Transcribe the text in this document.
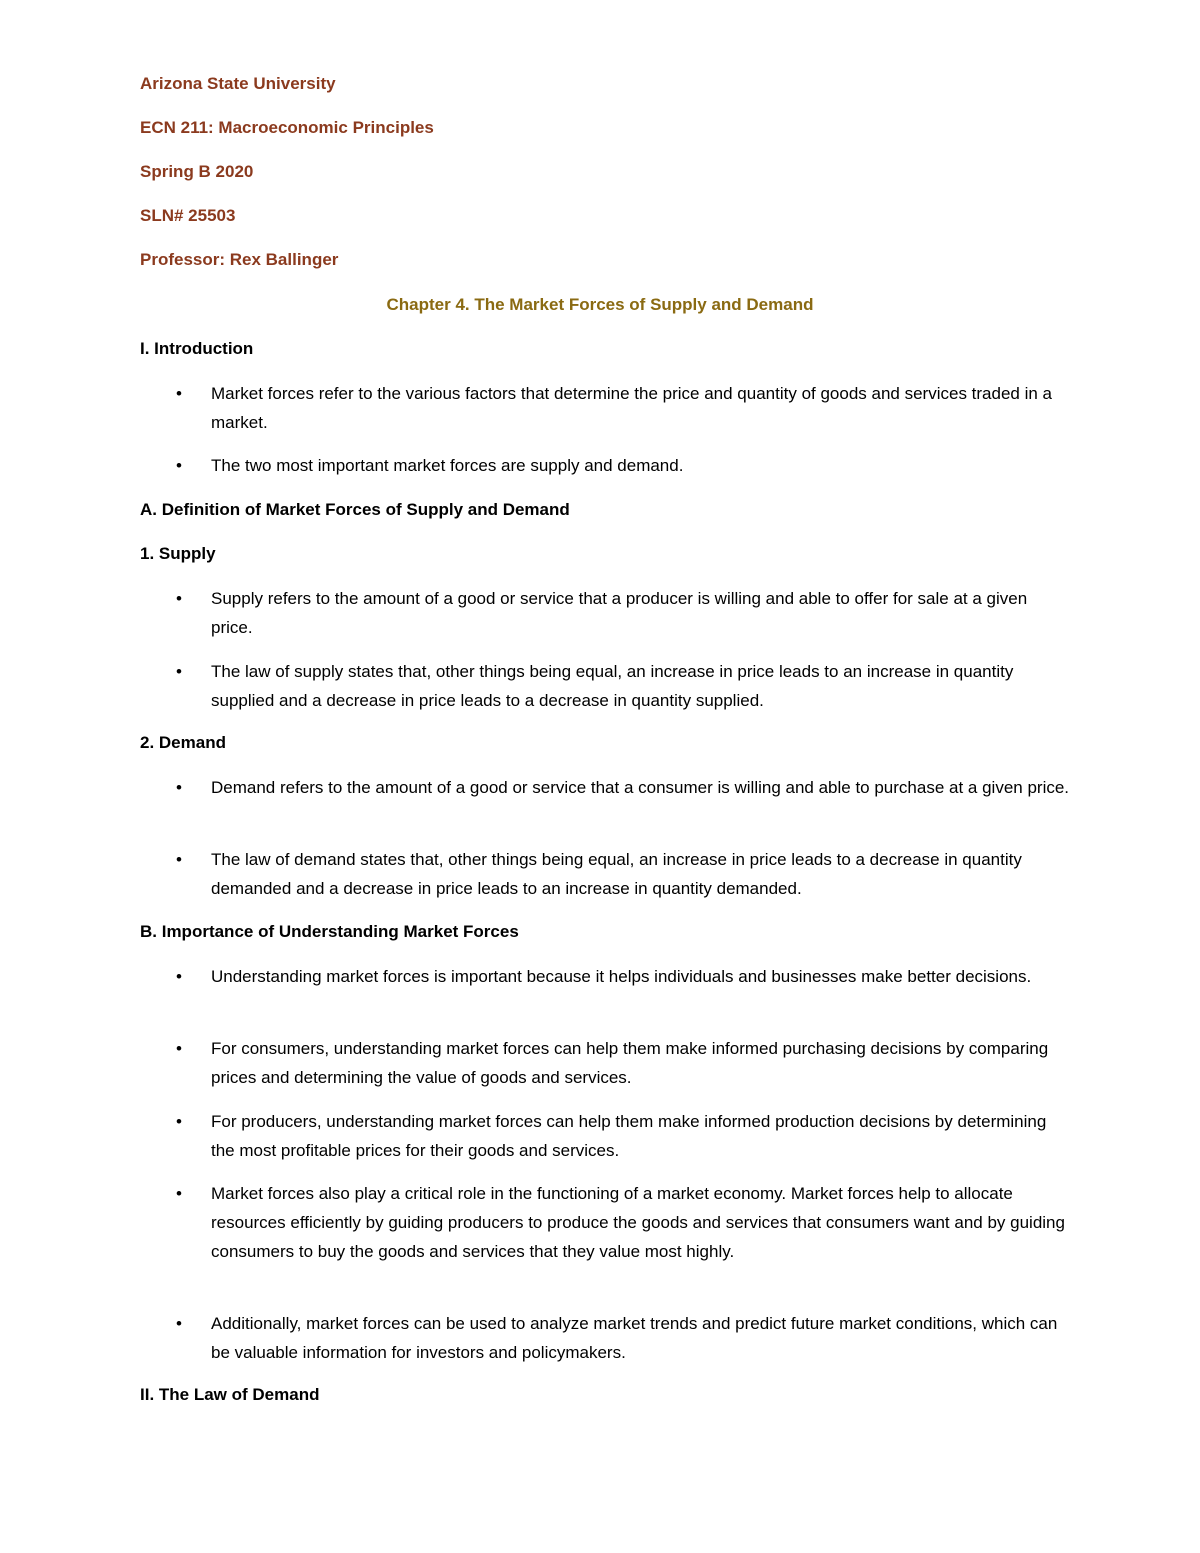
Arizona State University
ECN 211: Macroeconomic Principles
Spring B 2020
SLN# 25503
Professor: Rex Ballinger
Chapter 4. The Market Forces of Supply and Demand
I. Introduction
• Market forces refer to the various factors that determine the price and quantity of goods and services traded in a market.
• The two most important market forces are supply and demand.
A. Definition of Market Forces of Supply and Demand
1. Supply
• Supply refers to the amount of a good or service that a producer is willing and able to offer for sale at a given price.
• The law of supply states that, other things being equal, an increase in price leads to an increase in quantity supplied and a decrease in price leads to a decrease in quantity supplied.
2. Demand
• Demand refers to the amount of a good or service that a consumer is willing and able to purchase at a given price.
• The law of demand states that, other things being equal, an increase in price leads to a decrease in quantity demanded and a decrease in price leads to an increase in quantity demanded.
B. Importance of Understanding Market Forces
• Understanding market forces is important because it helps individuals and businesses make better decisions.
• For consumers, understanding market forces can help them make informed purchasing decisions by comparing prices and determining the value of goods and services.
• For producers, understanding market forces can help them make informed production decisions by determining the most profitable prices for their goods and services.
• Market forces also play a critical role in the functioning of a market economy. Market forces help to allocate resources efficiently by guiding producers to produce the goods and services that consumers want and by guiding consumers to buy the goods and services that they value most highly.
• Additionally, market forces can be used to analyze market trends and predict future market conditions, which can be valuable information for investors and policymakers.
II. The Law of Demand
